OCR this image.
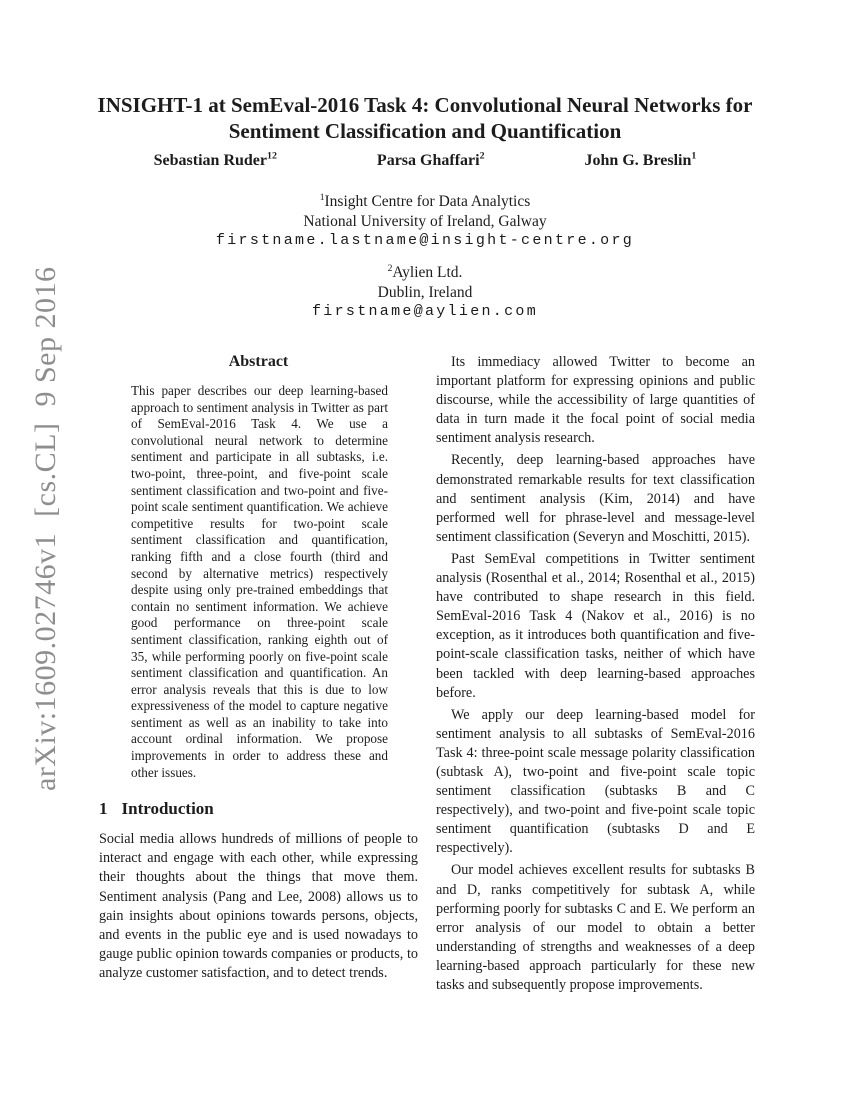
arXiv:1609.02746v1  [cs.CL]  9 Sep 2016
INSIGHT-1 at SemEval-2016 Task 4: Convolutional Neural Networks for
Sentiment Classification and Quantification
Sebastian Ruder$^{12}$	Parsa Ghaffari$^2$	John G. Breslin$^1$
$^1$Insight Centre for Data Analytics
National University of Ireland, Galway
firstname.lastname@insight-centre.org
$^2$Aylien Ltd.
Dublin, Ireland
firstname@aylien.com
Abstract
This paper describes our deep learning-based approach to sentiment analysis in Twitter as part of SemEval-2016 Task 4. We use a convolutional neural network to determine sentiment and participate in all subtasks, i.e. two-point, three-point, and five-point scale sentiment classification and two-point and five-point scale sentiment quantification. We achieve competitive results for two-point scale sentiment classification and quantification, ranking fifth and a close fourth (third and second by alternative metrics) respectively despite using only pre-trained embeddings that contain no sentiment information. We achieve good performance on three-point scale sentiment classification, ranking eighth out of 35, while performing poorly on five-point scale sentiment classification and quantification. An error analysis reveals that this is due to low expressiveness of the model to capture negative sentiment as well as an inability to take into account ordinal information. We propose improvements in order to address these and other issues.
1 Introduction

Social media allows hundreds of millions of people to interact and engage with each other, while expressing their thoughts about the things that move them. Sentiment analysis (Pang and Lee, 2008) allows us to gain insights about opinions towards persons, objects, and events in the public eye and is used nowadays to gauge public opinion towards companies or products, to analyze customer satisfaction, and to detect trends.

Its immediacy allowed Twitter to become an important platform for expressing opinions and public discourse, while the accessibility of large quantities of data in turn made it the focal point of social media sentiment analysis research.

Recently, deep learning-based approaches have demonstrated remarkable results for text classification and sentiment analysis (Kim, 2014) and have performed well for phrase-level and message-level sentiment classification (Severyn and Moschitti, 2015).

Past SemEval competitions in Twitter sentiment analysis (Rosenthal et al., 2014; Rosenthal et al., 2015) have contributed to shape research in this field. SemEval-2016 Task 4 (Nakov et al., 2016) is no exception, as it introduces both quantification and five-point-scale classification tasks, neither of which have been tackled with deep learning-based approaches before.

We apply our deep learning-based model for sentiment analysis to all subtasks of SemEval-2016 Task 4: three-point scale message polarity classification (subtask A), two-point and five-point scale topic sentiment classification (subtasks B and C respectively), and two-point and five-point scale topic sentiment quantification (subtasks D and E respectively).

Our model achieves excellent results for subtasks B and D, ranks competitively for subtask A, while performing poorly for subtasks C and E. We perform an error analysis of our model to obtain a better understanding of strengths and weaknesses of a deep learning-based approach particularly for these new tasks and subsequently propose improvements.
